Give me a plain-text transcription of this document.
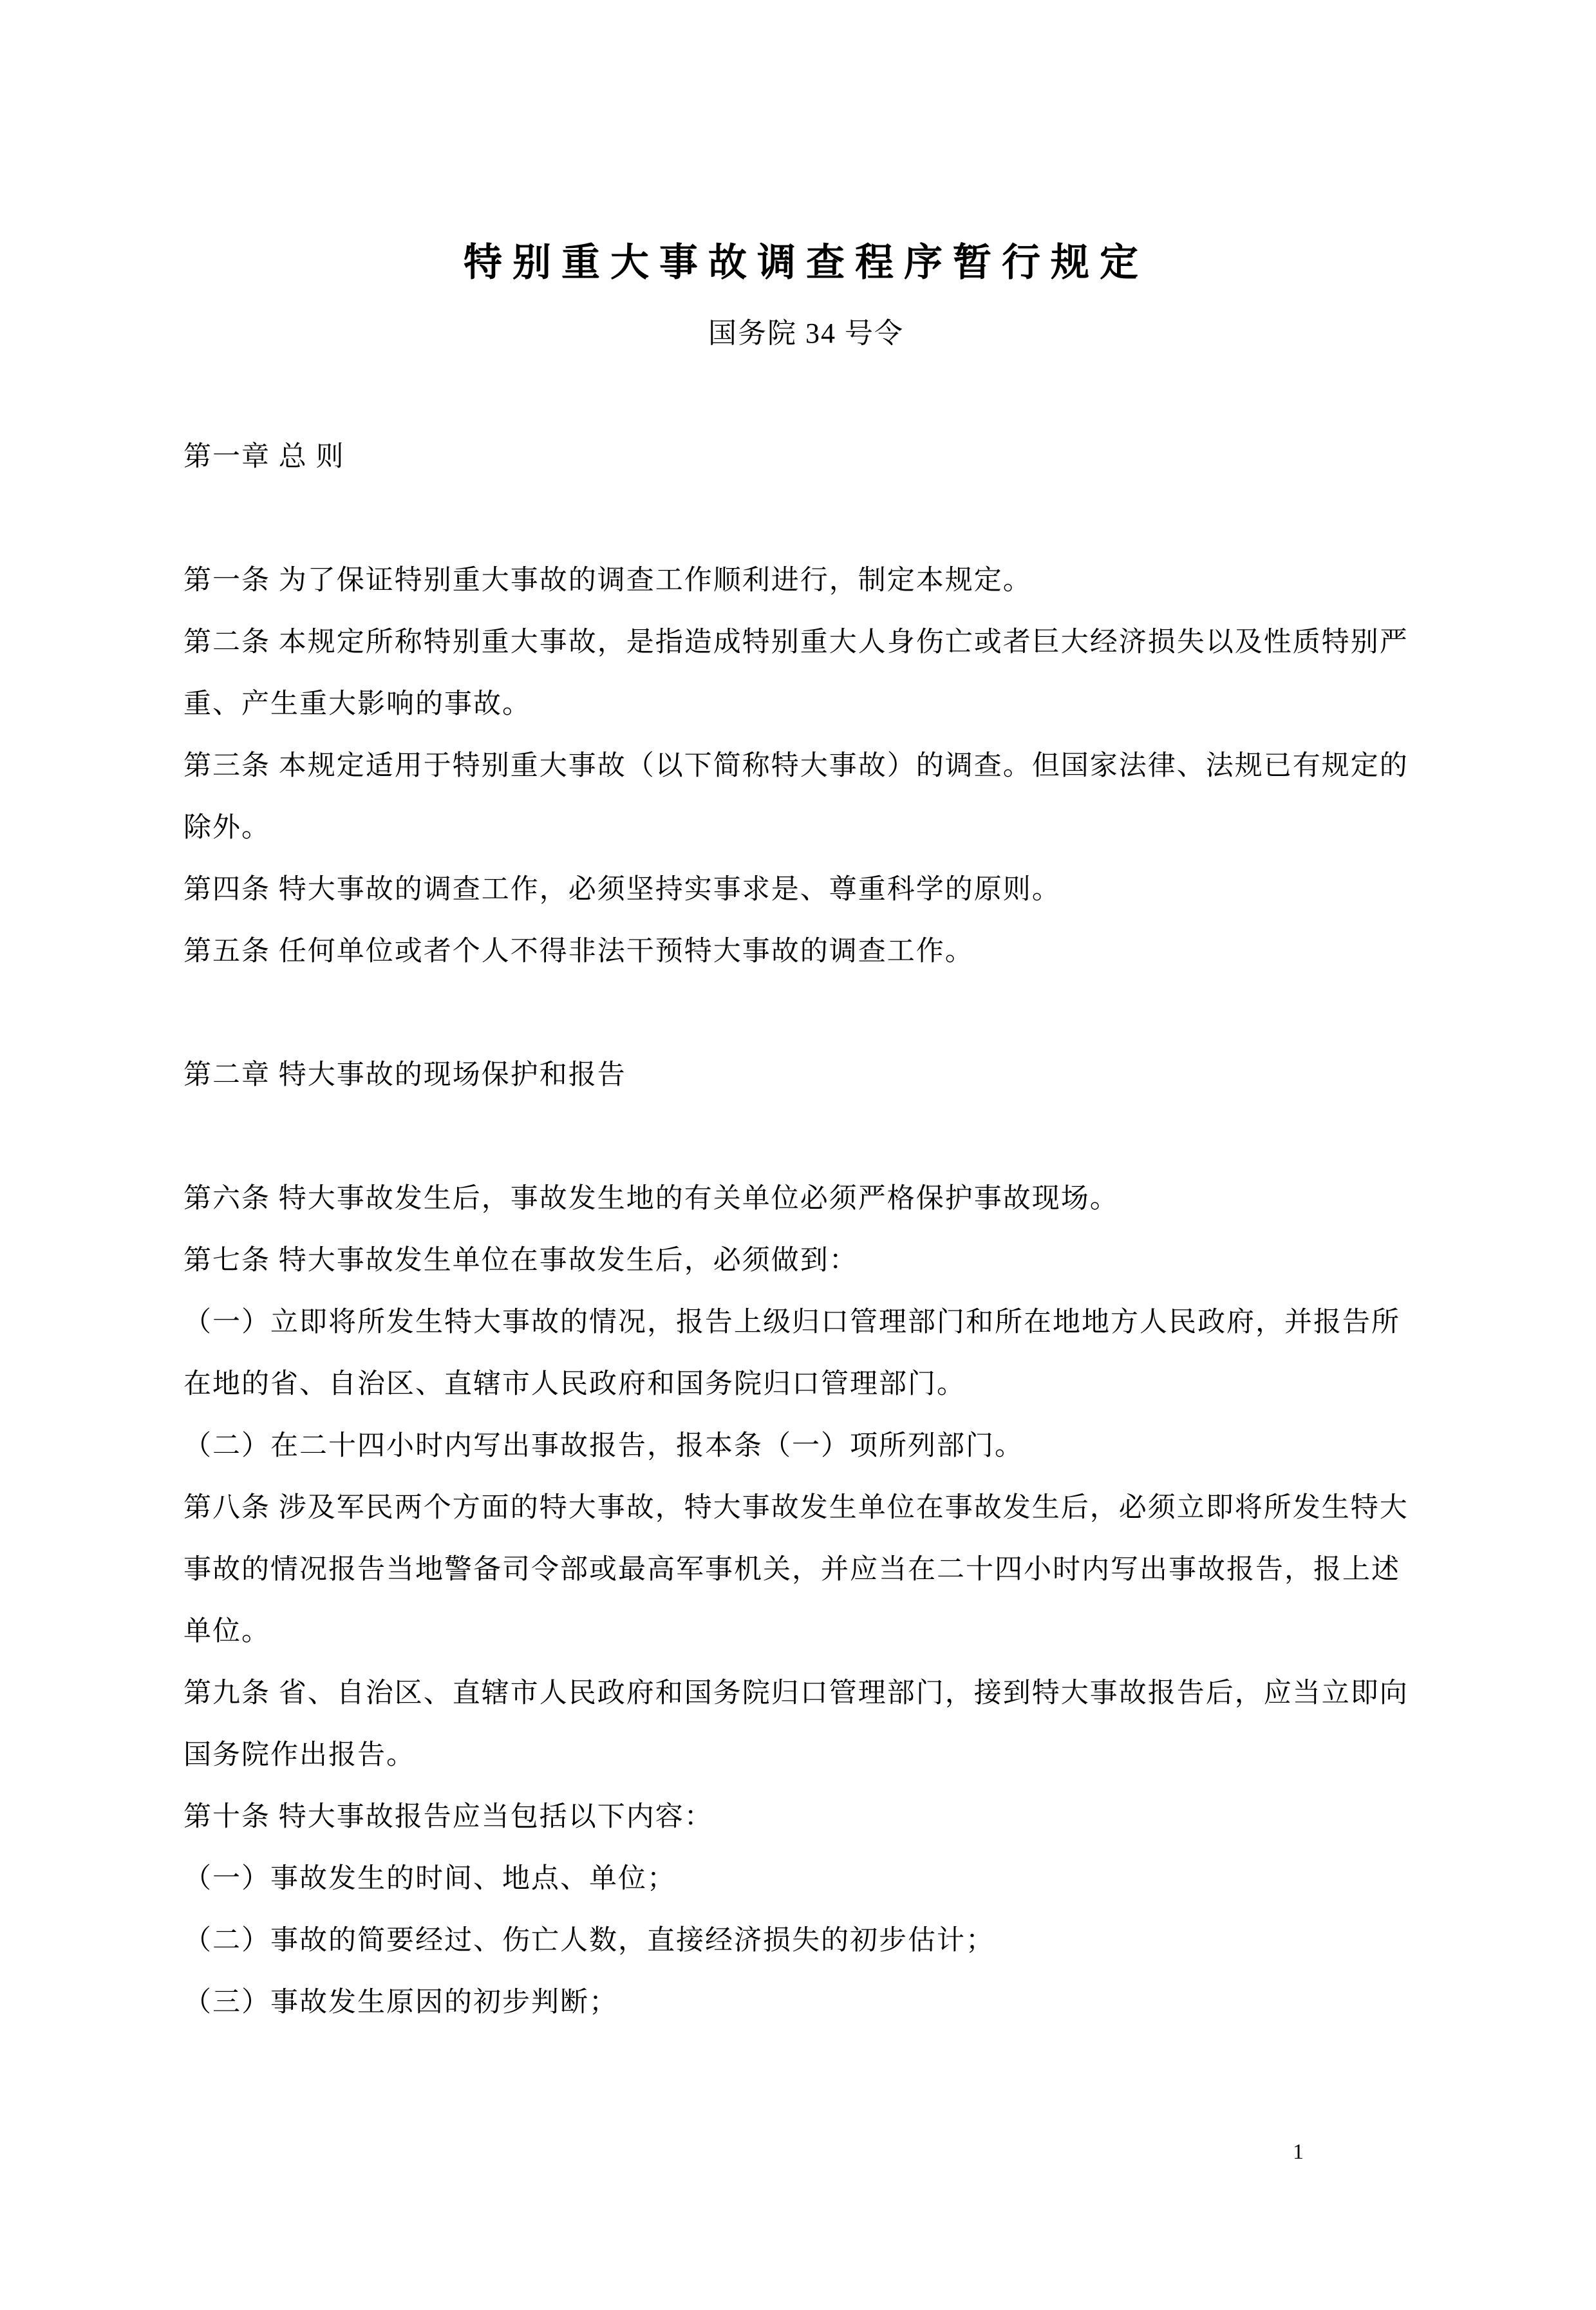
特别重大事故调查程序暂行规定
国务院 34 号令

第一章 总 则

第一条 为了保证特别重大事故的调查工作顺利进行，制定本规定。

第二条 本规定所称特别重大事故，是指造成特别重大人身伤亡或者巨大经济损失以及性质特别严重、产生重大影响的事故。

第三条 本规定适用于特别重大事故（以下简称特大事故）的调查。但国家法律、法规已有规定的除外。

第四条 特大事故的调查工作，必须坚持实事求是、尊重科学的原则。

第五条 任何单位或者个人不得非法干预特大事故的调查工作。

第二章 特大事故的现场保护和报告

第六条 特大事故发生后，事故发生地的有关单位必须严格保护事故现场。

第七条 特大事故发生单位在事故发生后，必须做到：

（一）立即将所发生特大事故的情况，报告上级归口管理部门和所在地地方人民政府，并报告所在地的省、自治区、直辖市人民政府和国务院归口管理部门。

（二）在二十四小时内写出事故报告，报本条（一）项所列部门。

第八条 涉及军民两个方面的特大事故，特大事故发生单位在事故发生后，必须立即将所发生特大事故的情况报告当地警备司令部或最高军事机关，并应当在二十四小时内写出事故报告，报上述单位。

第九条 省、自治区、直辖市人民政府和国务院归口管理部门，接到特大事故报告后，应当立即向国务院作出报告。

第十条 特大事故报告应当包括以下内容：

（一）事故发生的时间、地点、单位；

（二）事故的简要经过、伤亡人数，直接经济损失的初步估计；

（三）事故发生原因的初步判断；

1
